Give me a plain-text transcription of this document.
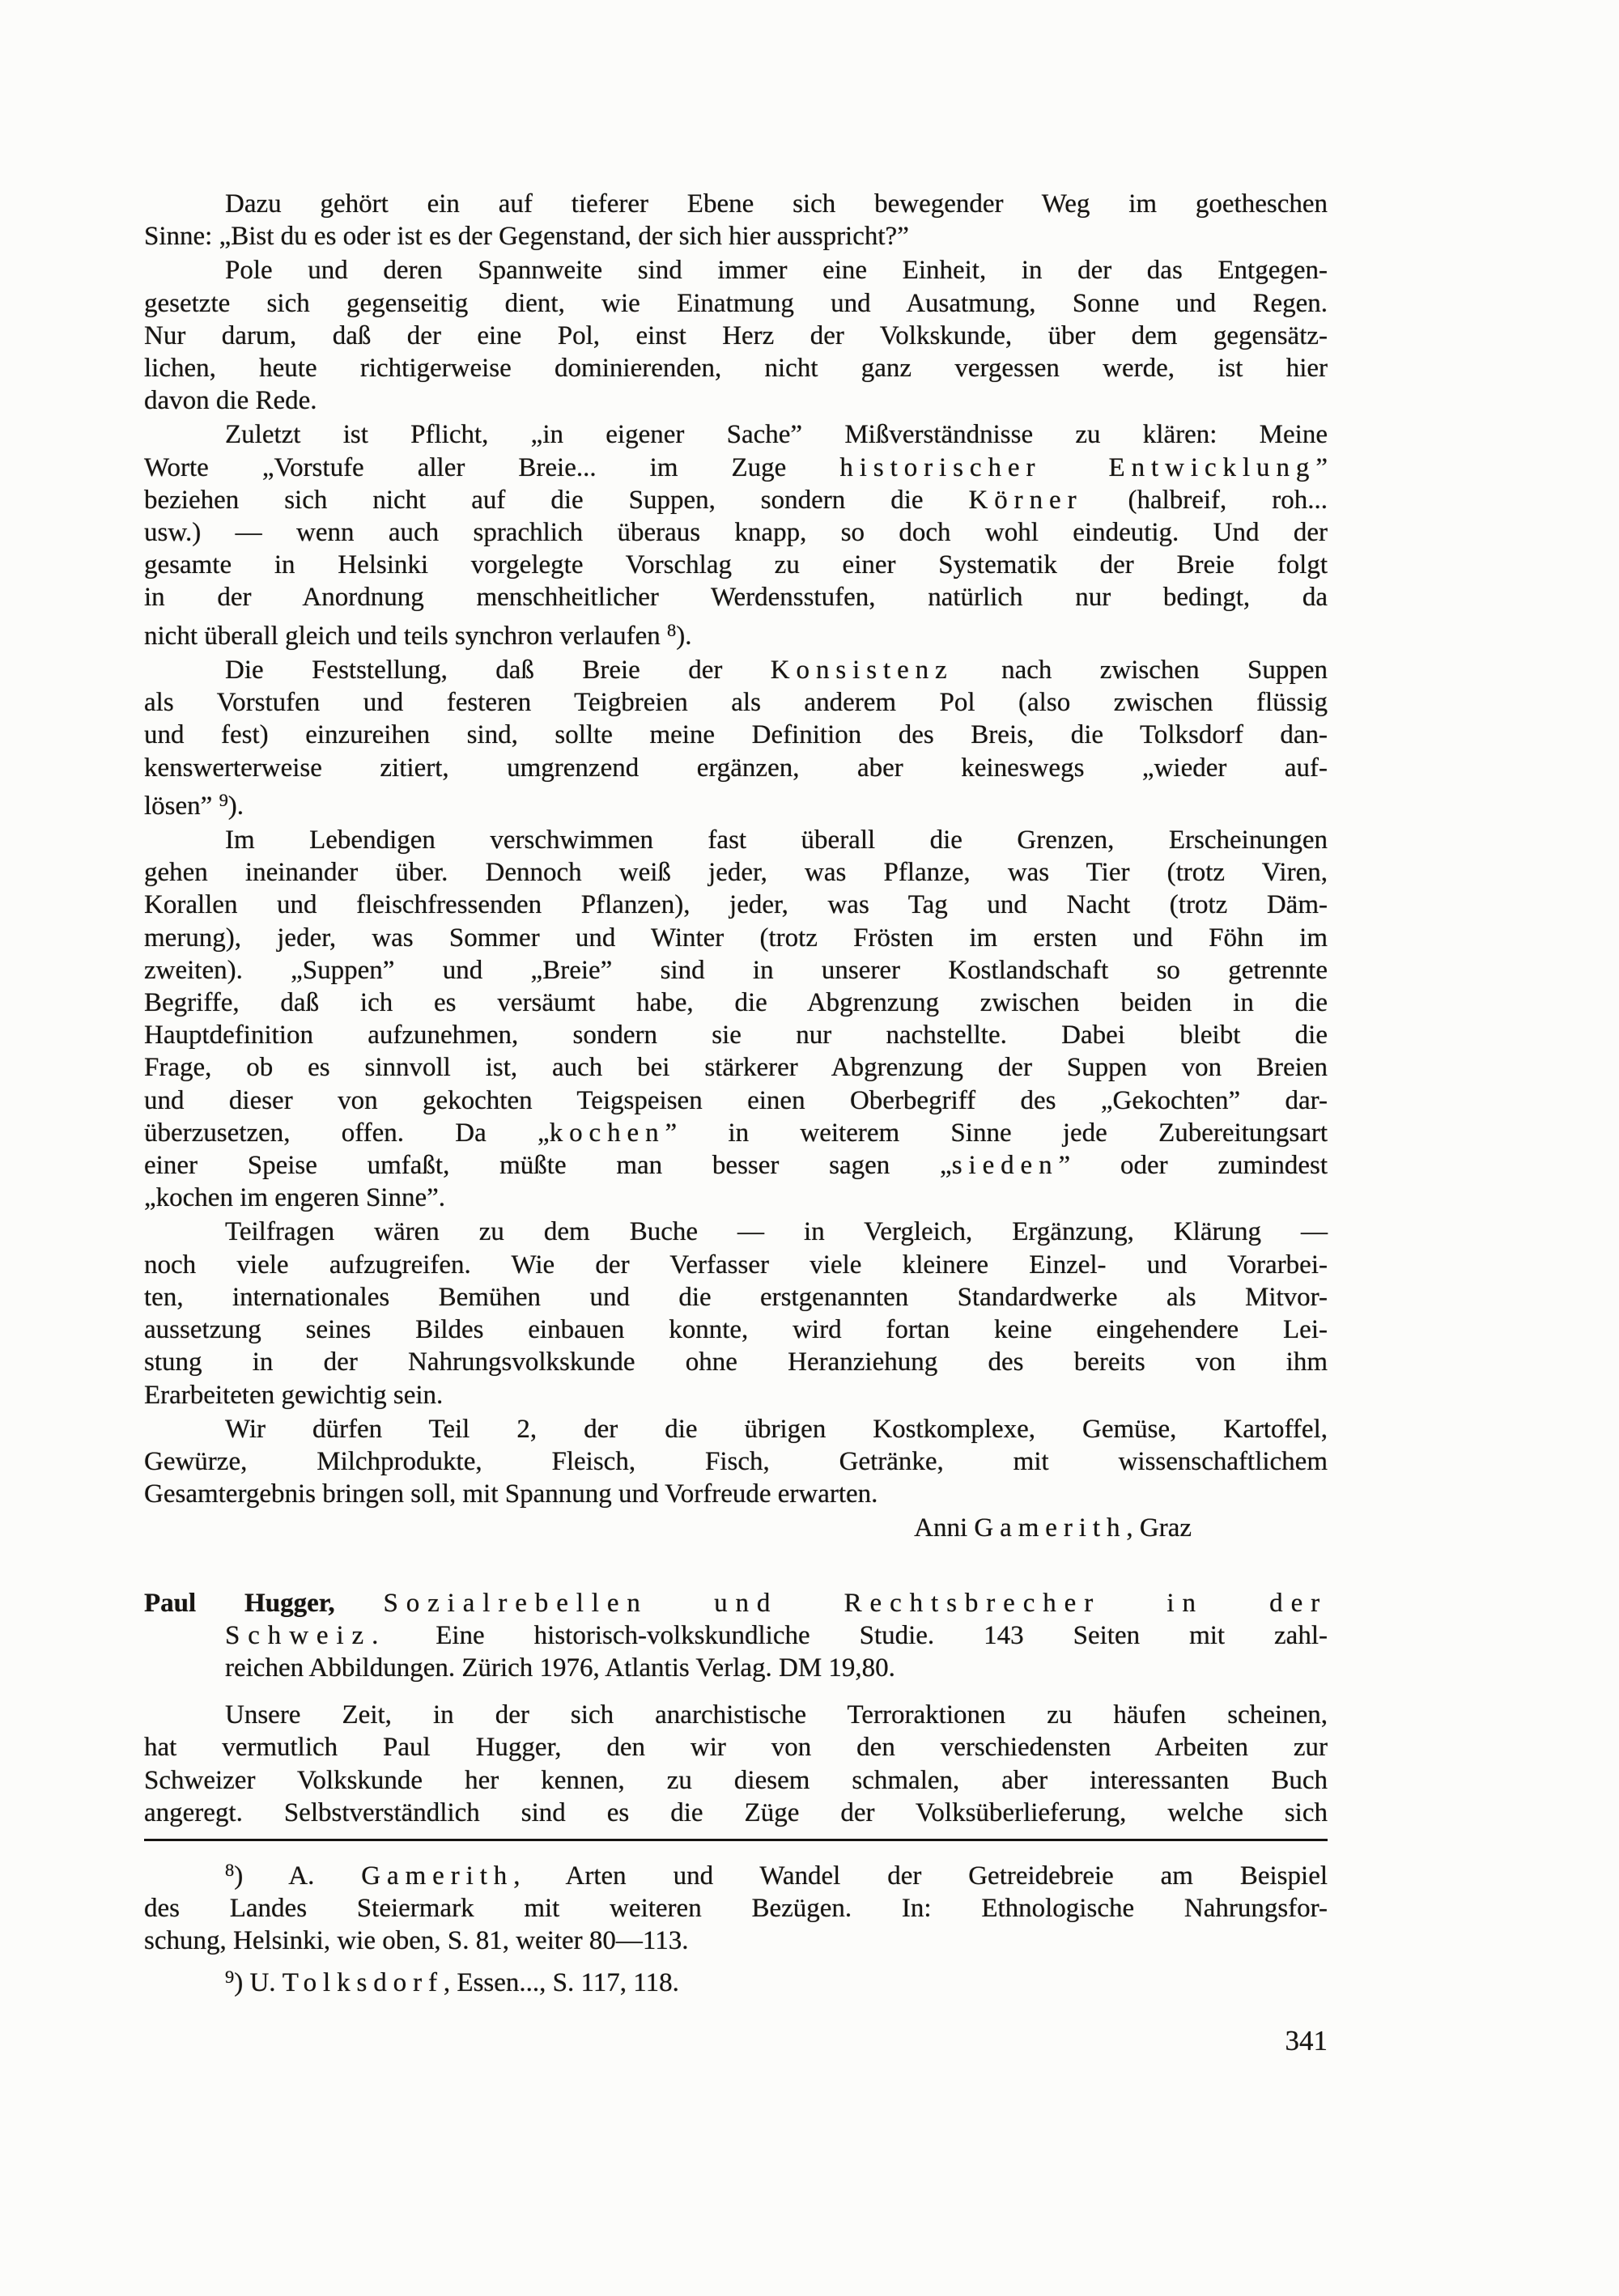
Dazu gehört ein auf tieferer Ebene sich bewegender Weg im goetheschen
Sinne: „Bist du es oder ist es der Gegenstand, der sich hier ausspricht?”
Pole und deren Spannweite sind immer eine Einheit, in der das Entgegen-
gesetzte sich gegenseitig dient, wie Einatmung und Ausatmung, Sonne und Regen.
Nur darum, daß der eine Pol, einst Herz der Volkskunde, über dem gegensätz-
lichen, heute richtigerweise dominierenden, nicht ganz vergessen werde, ist hier
davon die Rede.
Zuletzt ist Pflicht, „in eigener Sache” Mißverständnisse zu klären: Meine
Worte „Vorstufe aller Breie... im Zuge historischer Entwicklung”
beziehen sich nicht auf die Suppen, sondern die Körner (halbreif, roh...
usw.) — wenn auch sprachlich überaus knapp, so doch wohl eindeutig. Und der
gesamte in Helsinki vorgelegte Vorschlag zu einer Systematik der Breie folgt
in der Anordnung menschheitlicher Werdensstufen, natürlich nur bedingt, da
nicht überall gleich und teils synchron verlaufen $^8$).
Die Feststellung, daß Breie der Konsistenz nach zwischen Suppen
als Vorstufen und festeren Teigbreien als anderem Pol (also zwischen flüssig
und fest) einzureihen sind, sollte meine Definition des Breis, die Tolksdorf dan-
kenswerterweise zitiert, umgrenzend ergänzen, aber keineswegs „wieder auf-
lösen” $^9$).
Im Lebendigen verschwimmen fast überall die Grenzen, Erscheinungen
gehen ineinander über. Dennoch weiß jeder, was Pflanze, was Tier (trotz Viren,
Korallen und fleischfressenden Pflanzen), jeder, was Tag und Nacht (trotz Däm-
merung), jeder, was Sommer und Winter (trotz Frösten im ersten und Föhn im
zweiten). „Suppen” und „Breie” sind in unserer Kostlandschaft so getrennte
Begriffe, daß ich es versäumt habe, die Abgrenzung zwischen beiden in die
Hauptdefinition aufzunehmen, sondern sie nur nachstellte. Dabei bleibt die
Frage, ob es sinnvoll ist, auch bei stärkerer Abgrenzung der Suppen von Breien
und dieser von gekochten Teigspeisen einen Oberbegriff des „Gekochten” dar-
überzusetzen, offen. Da „kochen” in weiterem Sinne jede Zubereitungsart
einer Speise umfaßt, müßte man besser sagen „sieden” oder zumindest
„kochen im engeren Sinne”.
Teilfragen wären zu dem Buche — in Vergleich, Ergänzung, Klärung —
noch viele aufzugreifen. Wie der Verfasser viele kleinere Einzel- und Vorarbei-
ten, internationales Bemühen und die erstgenannten Standardwerke als Mitvor-
aussetzung seines Bildes einbauen konnte, wird fortan keine eingehendere Lei-
stung in der Nahrungsvolkskunde ohne Heranziehung des bereits von ihm
Erarbeiteten gewichtig sein.
Wir dürfen Teil 2, der die übrigen Kostkomplexe, Gemüse, Kartoffel,
Gewürze, Milchprodukte, Fleisch, Fisch, Getränke, mit wissenschaftlichem
Gesamtergebnis bringen soll, mit Spannung und Vorfreude erwarten.
Anni Gamerith, Graz
Paul Hugger, Sozialrebellen und Rechtsbrecher in der
Schweiz. Eine historisch-volkskundliche Studie. 143 Seiten mit zahl-
reichen Abbildungen. Zürich 1976, Atlantis Verlag. DM 19,80.
Unsere Zeit, in der sich anarchistische Terroraktionen zu häufen scheinen,
hat vermutlich Paul Hugger, den wir von den verschiedensten Arbeiten zur
Schweizer Volkskunde her kennen, zu diesem schmalen, aber interessanten Buch
angeregt. Selbstverständlich sind es die Züge der Volksüberlieferung, welche sich
$^8$) A. Gamerith, Arten und Wandel der Getreidebreie am Beispiel
des Landes Steiermark mit weiteren Bezügen. In: Ethnologische Nahrungsfor-
schung, Helsinki, wie oben, S. 81, weiter 80—113.
$^9$) U. Tolksdorf, Essen..., S. 117, 118.
341
